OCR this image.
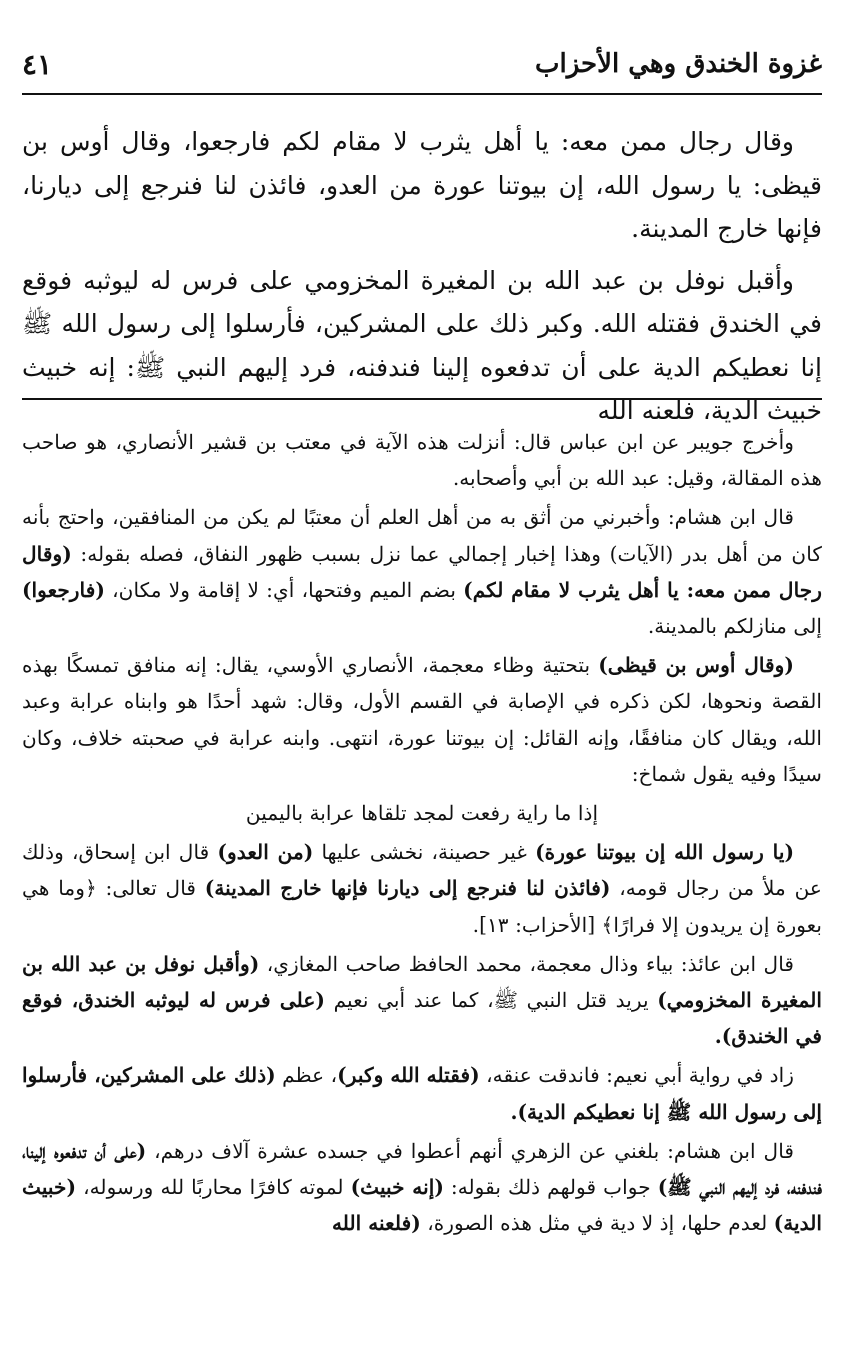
غزوة الخندق وهي الأحزاب
٤١

وقال رجال ممن معه: يا أهل يثرب لا مقام لكم فارجعوا، وقال أوس بن قيظى: يا رسول الله، إن بيوتنا عورة من العدو، فائذن لنا فنرجع إلى ديارنا، فإنها خارج المدينة.

وأقبل نوفل بن عبد الله بن المغيرة المخزومي على فرس له ليوثبه فوقع في الخندق فقتله الله. وكبر ذلك على المشركين، فأرسلوا إلى رسول الله ﷺ إنا نعطيكم الدية على أن تدفعوه إلينا فندفنه، فرد إليهم النبي ﷺ: إنه خبيث خبيث الدية، فلعنه الله

وأخرج جويبر عن ابن عباس قال: أنزلت هذه الآية في معتب بن قشير الأنصاري، هو صاحب هذه المقالة، وقيل: عبد الله بن أبي وأصحابه.

قال ابن هشام: وأخبرني من أثق به من أهل العلم أن معتبًا لم يكن من المنافقين، واحتج بأنه كان من أهل بدر (الآيات) وهذا إخبار إجمالي عما نزل بسبب ظهور النفاق، فصله بقوله: (وقال رجال ممن معه: يا أهل يثرب لا مقام لكم) بضم الميم وفتحها، أي: لا إقامة ولا مكان، (فارجعوا) إلى منازلكم بالمدينة.

(وقال أوس بن قيظى) بتحتية وظاء معجمة، الأنصاري الأوسي، يقال: إنه منافق تمسكًا بهذه القصة ونحوها، لكن ذكره في الإصابة في القسم الأول، وقال: شهد أحدًا هو وابناه عرابة وعبد الله، ويقال كان منافقًا، وإنه القائل: إن بيوتنا عورة، انتهى. وابنه عرابة في صحبته خلاف، وكان سيدًا وفيه يقول شماخ:

إذا ما راية رفعت لمجد تلقاها عرابة باليمين

(يا رسول الله إن بيوتنا عورة) غير حصينة، نخشى عليها (من العدو) قال ابن إسحاق، وذلك عن ملأ من رجال قومه، (فائذن لنا فنرجع إلى ديارنا فإنها خارج المدينة) قال تعالى: ﴿وما هي بعورة إن يريدون إلا فرارًا﴾ [الأحزاب: ١٣].

قال ابن عائذ: بياء وذال معجمة، محمد الحافظ صاحب المغازي، (وأقبل نوفل بن عبد الله بن المغيرة المخزومي) يريد قتل النبي ﷺ، كما عند أبي نعيم (على فرس له ليوثبه الخندق، فوقع في الخندق).

زاد في رواية أبي نعيم: فاندقت عنقه، (فقتله الله وكبر)، عظم (ذلك على المشركين، فأرسلوا إلى رسول الله ﷺ إنا نعطيكم الدية).

قال ابن هشام: بلغني عن الزهري أنهم أعطوا في جسده عشرة آلاف درهم، (على أن تدفعوه إلينا، فندفنه، فرد إليهم النبي ﷺ) جواب قولهم ذلك بقوله: (إنه خبيث) لموته كافرًا محاربًا لله ورسوله، (خبيث الدية) لعدم حلها، إذ لا دية في مثل هذه الصورة، (فلعنه الله
